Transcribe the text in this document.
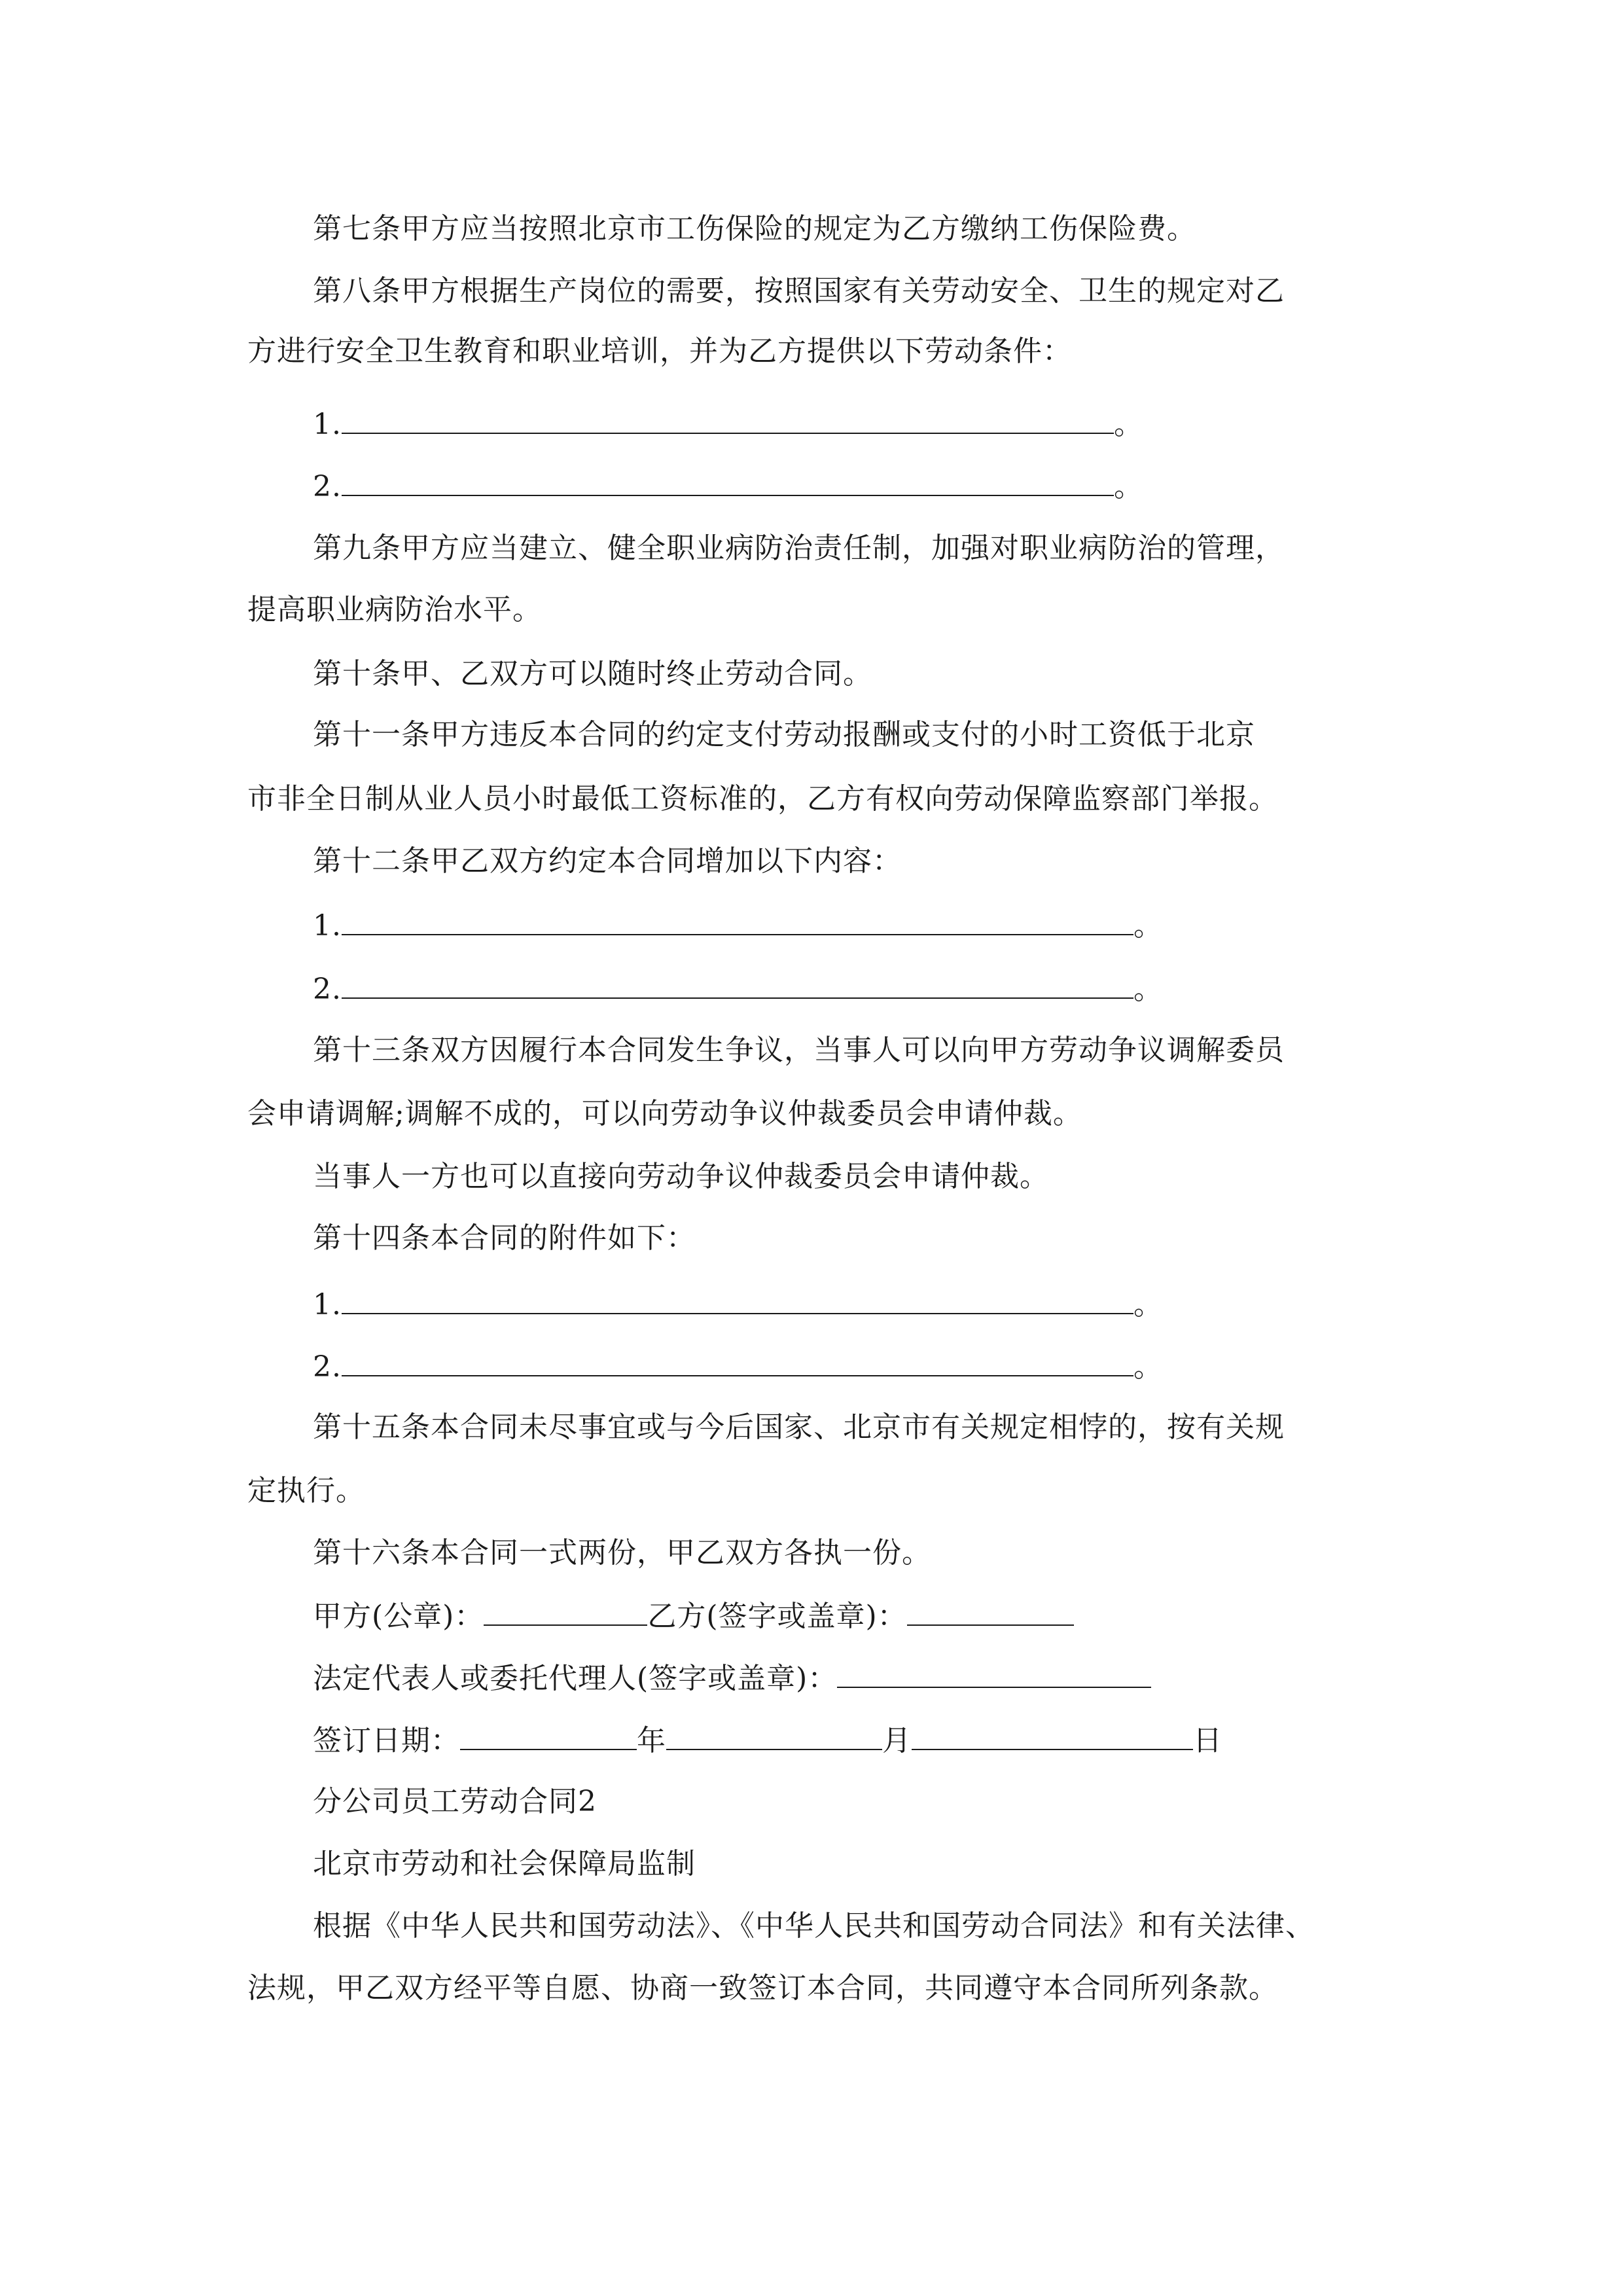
第七条甲方应当按照北京市工伤保险的规定为乙方缴纳工伤保险费。
第八条甲方根据生产岗位的需要，按照国家有关劳动安全、卫生的规定对乙
方进行安全卫生教育和职业培训，并为乙方提供以下劳动条件：
1.	。
2.	。
第九条甲方应当建立、健全职业病防治责任制，加强对职业病防治的管理，
提高职业病防治水平。
第十条甲、乙双方可以随时终止劳动合同。
第十一条甲方违反本合同的约定支付劳动报酬或支付的小时工资低于北京
市非全日制从业人员小时最低工资标准的，乙方有权向劳动保障监察部门举报。
第十二条甲乙双方约定本合同增加以下内容：
1.	。
2.	。
第十三条双方因履行本合同发生争议，当事人可以向甲方劳动争议调解委员
会申请调解;调解不成的，可以向劳动争议仲裁委员会申请仲裁。
当事人一方也可以直接向劳动争议仲裁委员会申请仲裁。
第十四条本合同的附件如下：
1.	。
2.	。
第十五条本合同未尽事宜或与今后国家、北京市有关规定相悖的，按有关规
定执行。
第十六条本合同一式两份，甲乙双方各执一份。
甲方(公章)：	乙方(签字或盖章)：
法定代表人或委托代理人(签字或盖章)：
签订日期：	年	月	日
分公司员工劳动合同2
北京市劳动和社会保障局监制
根据《中华人民共和国劳动法》、《中华人民共和国劳动合同法》和有关法律、
法规，甲乙双方经平等自愿、协商一致签订本合同，共同遵守本合同所列条款。
